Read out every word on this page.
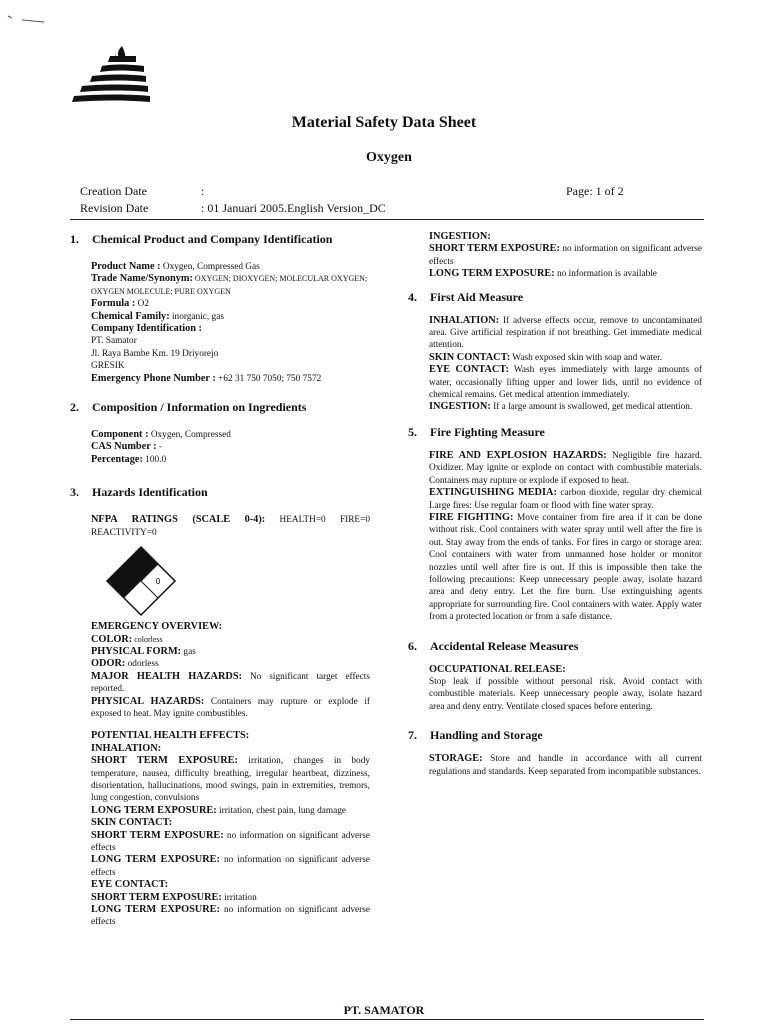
Material Safety Data Sheet
Oxygen
Creation Date	:
Revision Date	: 01 Januari 2005.English Version_DC
Page: 1 of 2
1.	Chemical Product and Company Identification

Product Name : Oxygen, Compressed Gas

Trade Name/Synonym: OXYGEN; DIOXYGEN; MOLECULAR OXYGEN; OXYGEN MOLECULE; PURE OXYGEN

Formula : O2

Chemical Family: inorganic, gas

Company Identification :

PT. Samator

Jl. Raya Bambe Km. 19 Driyorejo

GRESIK

Emergency Phone Number : +62 31 750 7050; 750 7572

2.	Composition / Information on Ingredients

Component : Oxygen, Compressed

CAS Number : -

Percentage: 100.0

3.	Hazards Identification

NFPA RATINGS (SCALE 0-4): HEALTH=0 FIRE=0 REACTIVITY=0

0

EMERGENCY OVERVIEW:

COLOR: colorless

PHYSICAL FORM: gas

ODOR: odorless

MAJOR HEALTH HAZARDS: No significant target effects reported.

PHYSICAL HAZARDS: Containers may rupture or explode if exposed to heat. May ignite combustibles.

POTENTIAL HEALTH EFFECTS:

INHALATION:

SHORT TERM EXPOSURE: irritation, changes in body temperature, nausea, difficulty breathing, irregular heartbeat, dizziness, disorientation, hallucinations, mood swings, pain in extremities, tremors, lung congestion, convulsions

LONG TERM EXPOSURE: irritation, chest pain, lung damage

SKIN CONTACT:

SHORT TERM EXPOSURE: no information on significant adverse effects

LONG TERM EXPOSURE: no information on significant adverse effects

EYE CONTACT:

SHORT TERM EXPOSURE: irritation

LONG TERM EXPOSURE: no information on significant adverse effects

INGESTION:

SHORT TERM EXPOSURE: no information on significant adverse effects

LONG TERM EXPOSURE: no information is available

4.	First Aid Measure

INHALATION: If adverse effects occur, remove to uncontaminated area. Give artificial respiration if not breathing. Get immediate medical attention.

SKIN CONTACT: Wash exposed skin with soap and water.

EYE CONTACT: Wash eyes immediately with large amounts of water, occasionally lifting upper and lower lids, until no evidence of chemical remains. Get medical attention immediately.

INGESTION: If a large amount is swallowed, get medical attention.

5.	Fire Fighting Measure

FIRE AND EXPLOSION HAZARDS: Negligible fire hazard. Oxidizer. May ignite or explode on contact with combustible materials. Containers may rupture or explode if exposed to heat.

EXTINGUISHING MEDIA: carbon dioxide, regular dry chemical Large fires: Use regular foam or flood with fine water spray.

FIRE FIGHTING: Move container from fire area if it can be done without risk. Cool containers with water spray until well after the fire is out. Stay away from the ends of tanks. For fires in cargo or storage area: Cool containers with water from unmanned hose holder or monitor nozzles until well after fire is out. If this is impossible then take the following precautions: Keep unnecessary people away, isolate hazard area and deny entry. Let the fire burn. Use extinguishing agents appropriate for surrounding fire. Cool containers with water. Apply water from a protected location or from a safe distance.

6.	Accidental Release Measures

OCCUPATIONAL RELEASE:

Stop leak if possible without personal risk. Avoid contact with combustible materials. Keep unnecessary people away, isolate hazard area and deny entry. Ventilate closed spaces before entering.

7.	Handling and Storage

STORAGE: Store and handle in accordance with all current regulations and standards. Keep separated from incompatible substances.

PT. SAMATOR
